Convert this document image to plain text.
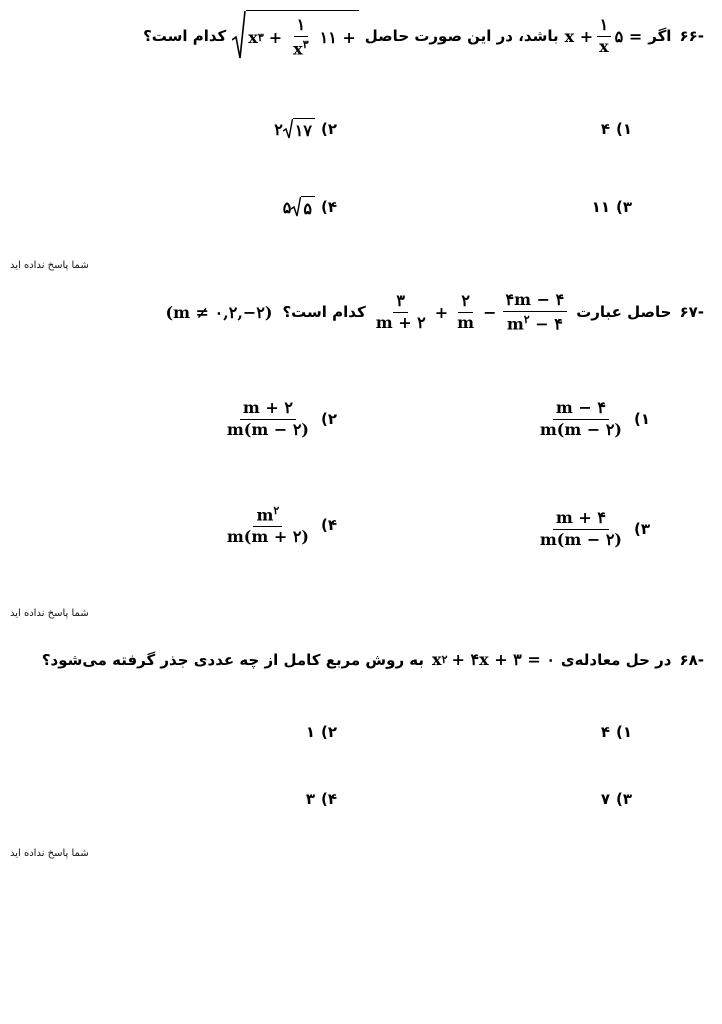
-۶۶
اگر
$x + \frac{۱}{x}$ ۵ =
باشد، در این صورت حاصل
x ۳ + $\frac{۱}{x^۳}$ ۱۱ +
کدام است؟
۱)
۴
۲)
۲ ۱۷
۳)
۱۱
۴)
۵ ۵
شما پاسخ نداده اید
-۶۷
حاصل عبارت
$\frac{۳}{m + ۲} + \frac{۲}{m} - \frac{۴m - ۴}{m^۲ - ۴}$
کدام است؟
(m ≠ ۰,۲,−۲)
۱)
$\frac{m - ۴}{m(m - ۲)}$
۲)
$\frac{m + ۲}{m(m - ۲)}$
۳)
$\frac{m + ۴}{m(m - ۲)}$
۴)
$\frac{m^۲}{m(m + ۲)}$
شما پاسخ نداده اید
-۶۸
در حل معادله‌ی
x ۲ + ۴x + ۳ = ۰
به روش مربع کامل از چه عددی جذر گرفته می‌شود؟
۱)
۴
۲)
۱
۳)
۷
۴)
۳
شما پاسخ نداده اید
